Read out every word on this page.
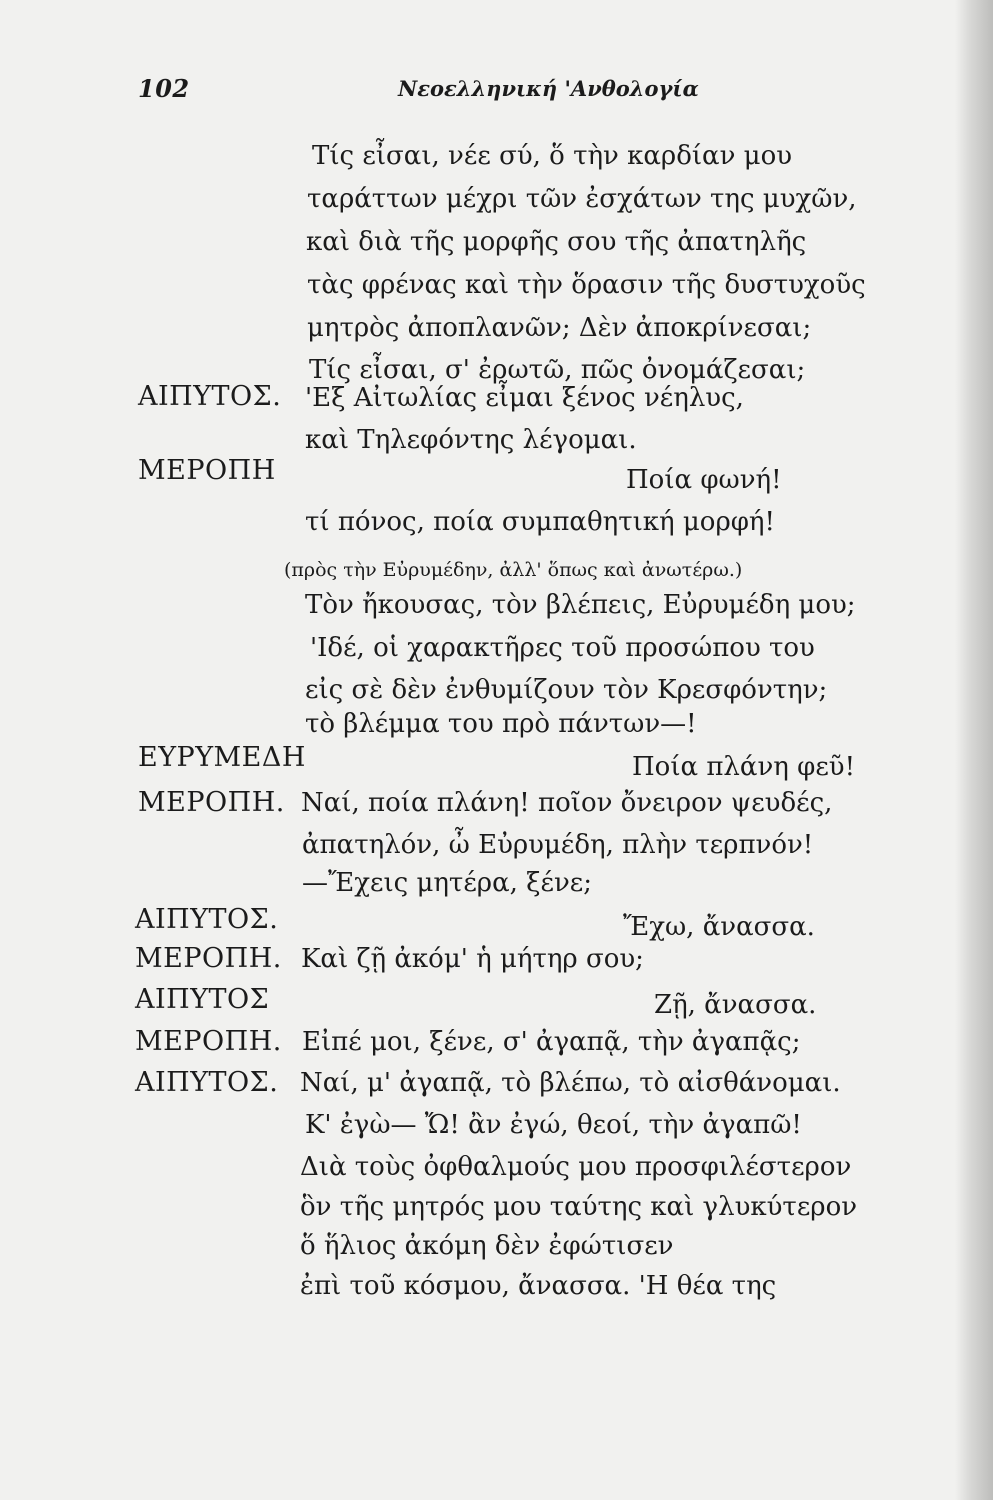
102	Νεοελληνική 'Ανθολογία
Τίς εἶσαι, νέε σύ, ὅ τὴν καρδίαν μου
ταράττων μέχρι τῶν ἐσχάτων της μυχῶν,
καὶ διὰ τῆς μορφῆς σου τῆς ἀπατηλῆς
τὰς φρένας καὶ τὴν ὅρασιν τῆς δυστυχοῦς
μητρὸς ἀποπλανῶν; Δὲν ἀποκρίνεσαι;
Τίς εἶσαι, σ' ἐρωτῶ, πῶς ὀνομάζεσαι;
ΑΙΠΥΤΟΣ. 'Εξ Αἰτωλίας εἶμαι ξένος νέηλυς,
καὶ Τηλεφόντης λέγομαι.
ΜΕΡΟΠΗ	Ποία φωνή!
τί πόνος, ποία συμπαθητική μορφή!
(πρὸς τὴν Εὐρυμέδην, ἀλλ' ὅπως καὶ ἀνωτέρω.)
Τὸν ἤκουσας, τὸν βλέπεις, Εὐρυμέδη μου;
'Ιδέ, οἱ χαρακτῆρες τοῦ προσώπου του
εἰς σὲ δὲν ἐνθυμίζουν τὸν Κρεσφόντην;
τὸ βλέμμα του πρὸ πάντων—!
ΕΥΡΥΜΕΔΗ	Ποία πλάνη φεῦ!
ΜΕΡΟΠΗ. Ναί, ποία πλάνη! ποῖον ὄνειρον ψευδές,
ἀπατηλόν, ὦ Εὐρυμέδη, πλὴν τερπνόν!
—Ἔχεις μητέρα, ξένε;
ΑΙΠΥΤΟΣ.	Ἔχω, ἄνασσα.
ΜΕΡΟΠΗ. Καὶ ζῇ ἀκόμ' ἡ μήτηρ σου;
ΑΙΠΥΤΟΣ	Ζῇ, ἄνασσα.
ΜΕΡΟΠΗ. Εἰπέ μοι, ξένε, σ' ἀγαπᾷ, τὴν ἀγαπᾷς;
ΑΙΠΥΤΟΣ. Ναί, μ' ἀγαπᾷ, τὸ βλέπω, τὸ αἰσθάνομαι.
Κ' ἐγὼ— Ὤ! ἂν ἐγώ, θεοί, τὴν ἀγαπῶ!
Διὰ τοὺς ὀφθαλμούς μου προσφιλέστερον
ὃν τῆς μητρός μου ταύτης καὶ γλυκύτερον
ὅ ἥλιος ἀκόμη δὲν ἐφώτισεν
ἐπὶ τοῦ κόσμου, ἄνασσα. 'Η θέα της
